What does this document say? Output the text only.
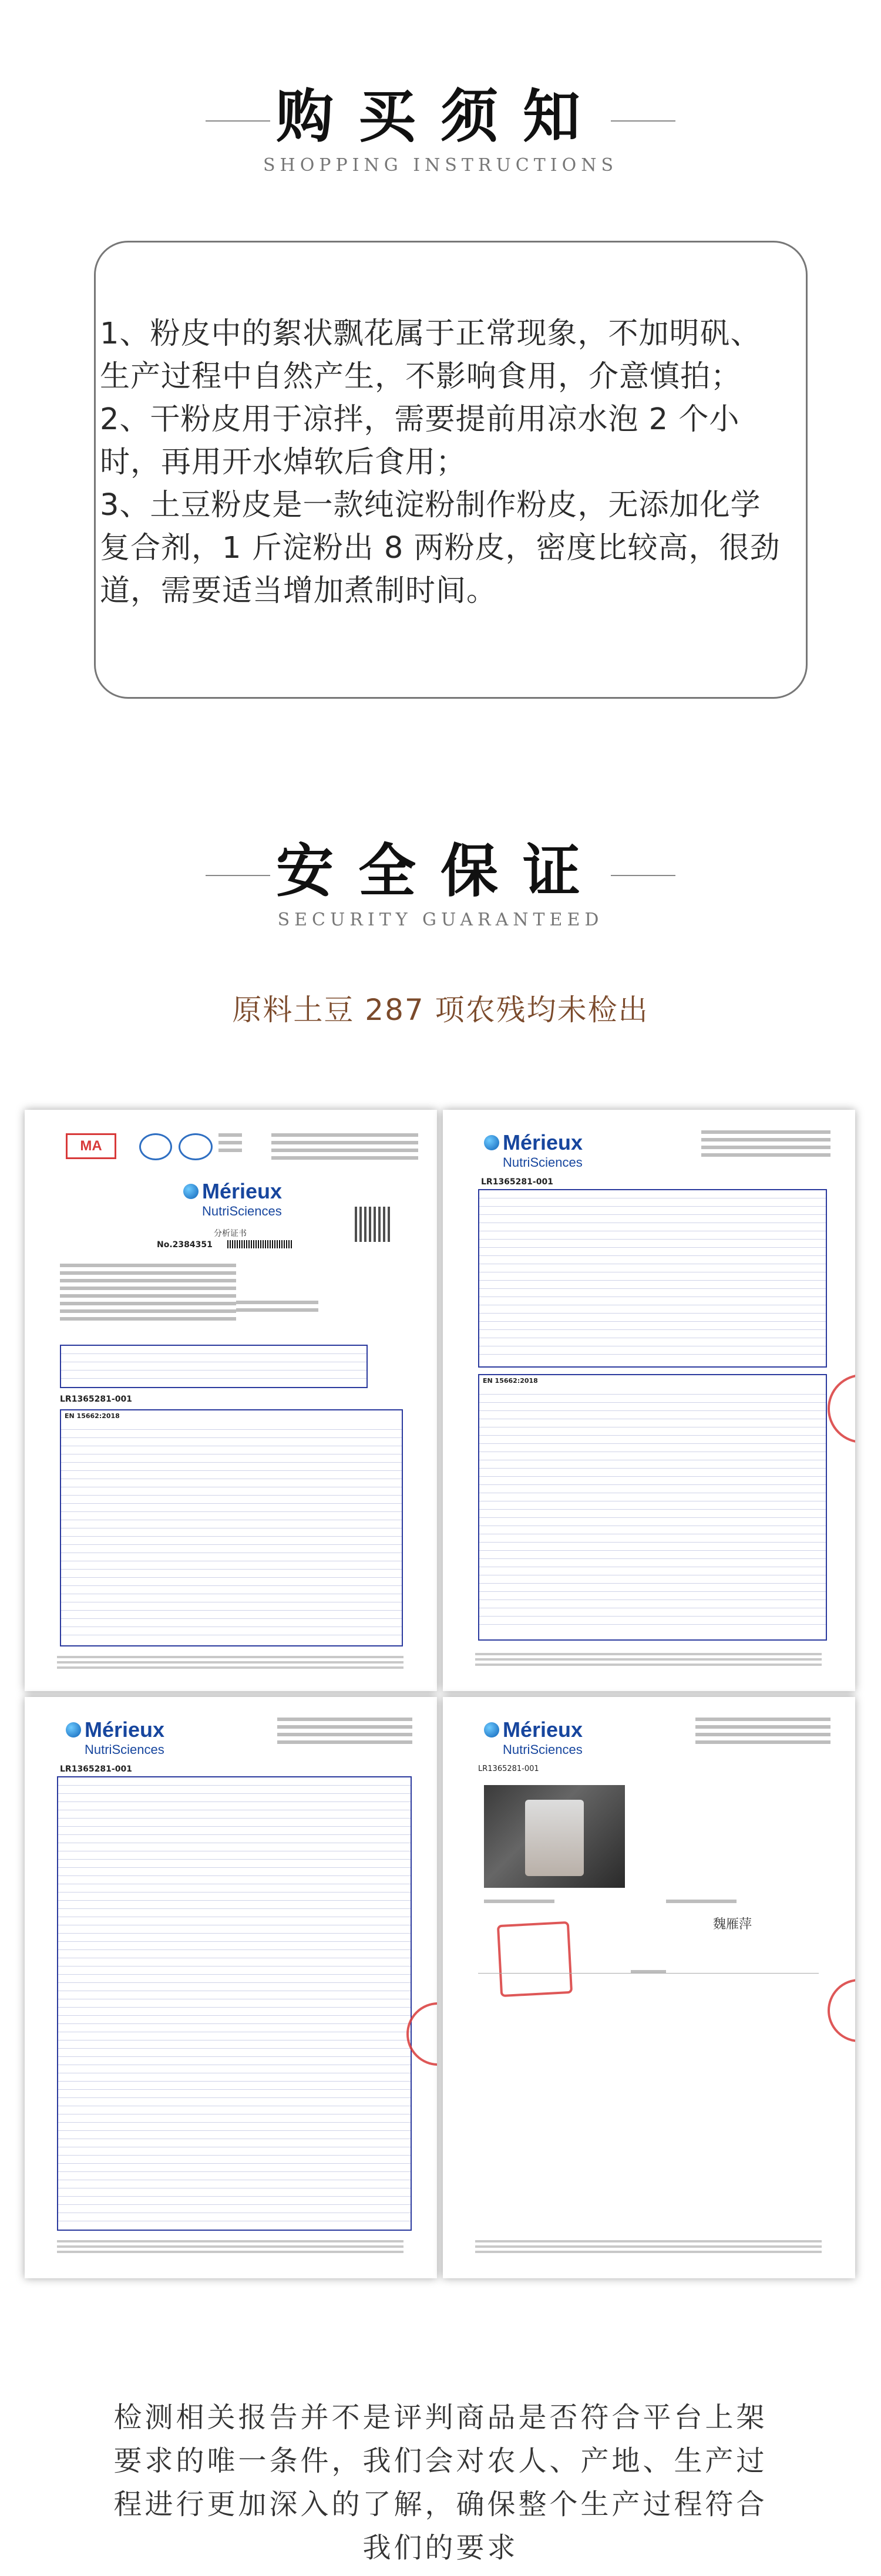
购买须知
SHOPPING INSTRUCTIONS

1、粉皮中的絮状飘花属于正常现象，不加明矾、生产过程中自然产生，不影响食用，介意慎拍；

2、干粉皮用于凉拌，需要提前用凉水泡 2 个小时，再用开水焯软后食用；

3、土豆粉皮是一款纯淀粉制作粉皮，无添加化学复合剂，1 斤淀粉出 8 两粉皮，密度比较高，很劲道，需要适当增加煮制时间。

安全保证
SECURITY GUARANTEED
原料土豆 287 项农残均未检出
MA
Mérieux
NutriSciences
分析证书
No.2384351
LR1365281-001
EN 15662:2018
Mérieux
NutriSciences
LR1365281-001
EN 15662:2018
Mérieux
NutriSciences
LR1365281-001
Mérieux
NutriSciences
LR1365281-001
魏雁萍
检测相关报告并不是评判商品是否符合平台上架要求的唯一条件，我们会对农人、产地、生产过程进行更加深入的了解，确保整个生产过程符合我们的要求
